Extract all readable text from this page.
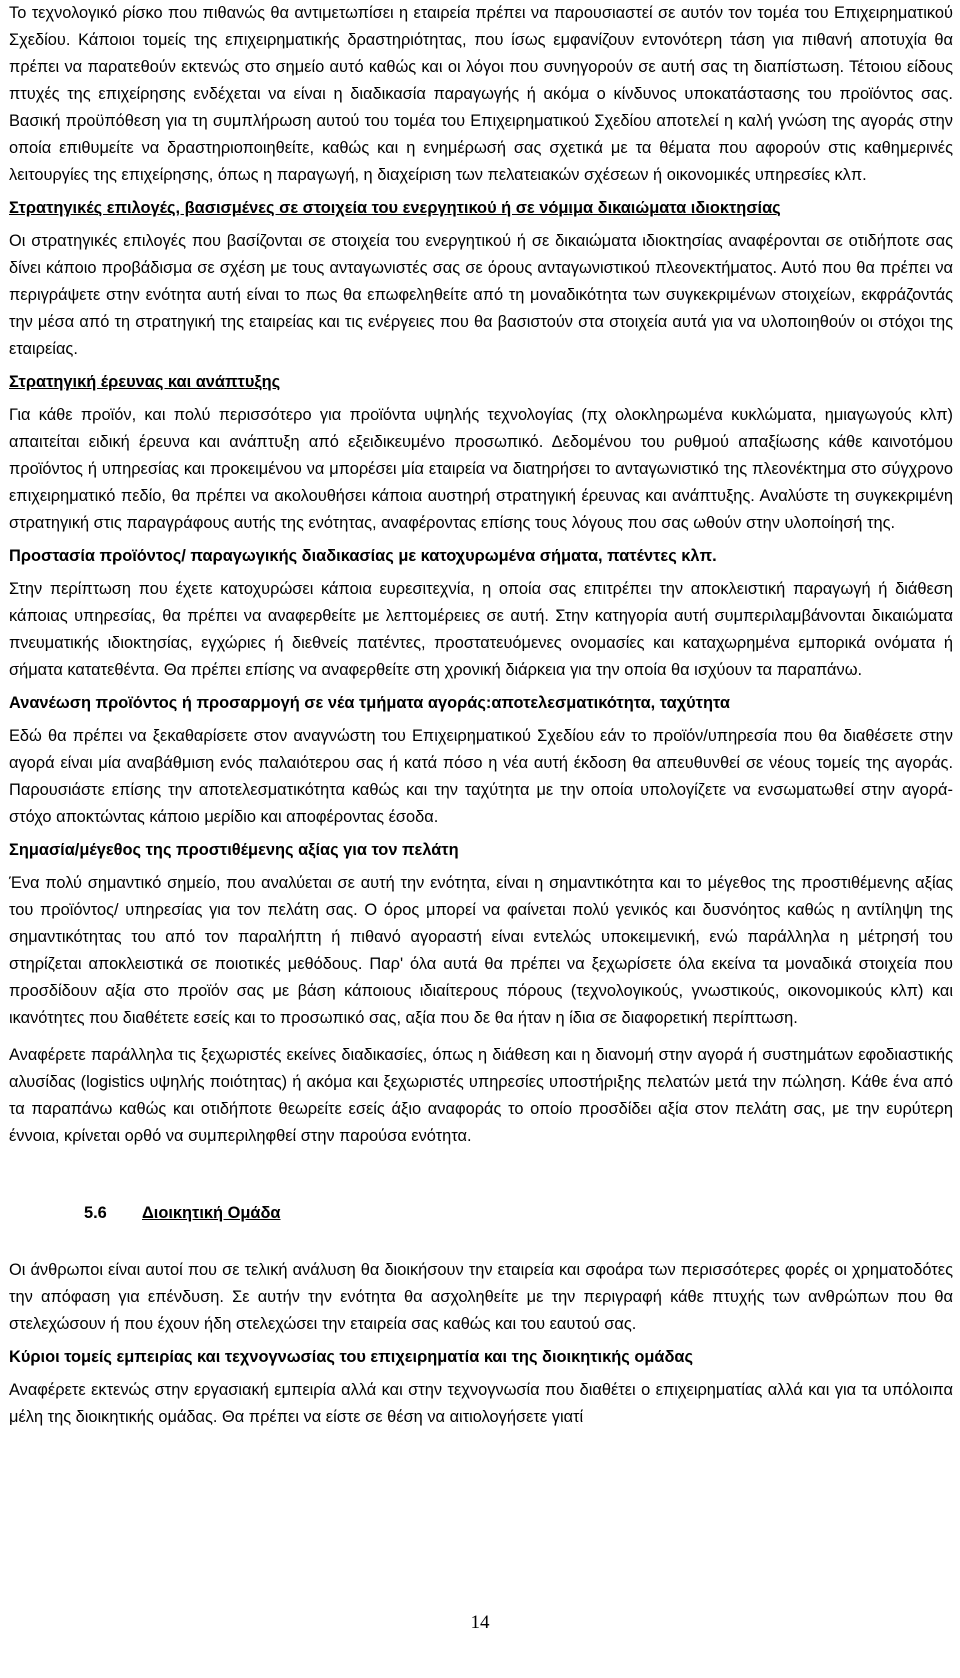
Το τεχνολογικό ρίσκο που πιθανώς θα αντιμετωπίσει η εταιρεία πρέπει να παρουσιαστεί σε αυτόν τον τομέα του Επιχειρηματικού Σχεδίου. Κάποιοι τομείς της επιχειρηματικής δραστηριότητας, που ίσως εμφανίζουν εντονότερη τάση για πιθανή αποτυχία θα πρέπει να παρατεθούν εκτενώς στο σημείο αυτό καθώς και οι λόγοι που συνηγορούν σε αυτή σας τη διαπίστωση. Τέτοιου είδους πτυχές της επιχείρησης ενδέχεται να είναι η διαδικασία παραγωγής ή ακόμα ο κίνδυνος υποκατάστασης του προϊόντος σας. Βασική προϋπόθεση για τη συμπλήρωση αυτού του τομέα του Επιχειρηματικού Σχεδίου αποτελεί η καλή γνώση της αγοράς στην οποία επιθυμείτε να δραστηριοποιηθείτε, καθώς και η ενημέρωσή σας σχετικά με τα θέματα που αφορούν στις καθημερινές λειτουργίες της επιχείρησης, όπως η παραγωγή, η διαχείριση των πελατειακών σχέσεων ή οικονομικές υπηρεσίες κλπ.

Στρατηγικές επιλογές, βασισμένες σε στοιχεία του ενεργητικού ή σε νόμιμα δικαιώματα ιδιοκτησίας

Οι στρατηγικές επιλογές που βασίζονται σε στοιχεία του ενεργητικού ή σε δικαιώματα ιδιοκτησίας αναφέρονται σε οτιδήποτε σας δίνει κάποιο προβάδισμα σε σχέση με τους ανταγωνιστές σας σε όρους ανταγωνιστικού πλεονεκτήματος. Αυτό που θα πρέπει να περιγράψετε στην ενότητα αυτή είναι το πως θα επωφεληθείτε από τη μοναδικότητα των συγκεκριμένων στοιχείων, εκφράζοντάς την μέσα από τη στρατηγική της εταιρείας και τις ενέργειες που θα βασιστούν στα στοιχεία αυτά για να υλοποιηθούν οι στόχοι της εταιρείας.

Στρατηγική έρευνας και ανάπτυξης

Για κάθε προϊόν, και πολύ περισσότερο για προϊόντα υψηλής τεχνολογίας (πχ ολοκληρωμένα κυκλώματα, ημιαγωγούς κλπ) απαιτείται ειδική έρευνα και ανάπτυξη από εξειδικευμένο προσωπικό. Δεδομένου του ρυθμού απαξίωσης κάθε καινοτόμου προϊόντος ή υπηρεσίας και προκειμένου να μπορέσει μία εταιρεία να διατηρήσει το ανταγωνιστικό της πλεονέκτημα στο σύγχρονο επιχειρηματικό πεδίο, θα πρέπει να ακολουθήσει κάποια αυστηρή στρατηγική έρευνας και ανάπτυξης. Αναλύστε τη συγκεκριμένη στρατηγική στις παραγράφους αυτής της ενότητας, αναφέροντας επίσης τους λόγους που σας ωθούν στην υλοποίησή της.

Προστασία προϊόντος/ παραγωγικής διαδικασίας με κατοχυρωμένα σήματα, πατέντες κλπ.

Στην περίπτωση που έχετε κατοχυρώσει κάποια ευρεσιτεχνία, η οποία σας επιτρέπει την αποκλειστική παραγωγή ή διάθεση κάποιας υπηρεσίας, θα πρέπει να αναφερθείτε με λεπτομέρειες σε αυτή. Στην κατηγορία αυτή συμπεριλαμβάνονται δικαιώματα πνευματικής ιδιοκτησίας, εγχώριες ή διεθνείς πατέντες, προστατευόμενες ονομασίες και καταχωρημένα εμπορικά ονόματα ή σήματα κατατεθέντα. Θα πρέπει επίσης να αναφερθείτε στη χρονική διάρκεια για την οποία θα ισχύουν τα παραπάνω.

Ανανέωση προϊόντος ή προσαρμογή σε νέα τμήματα αγοράς:αποτελεσματικότητα, ταχύτητα

Εδώ θα πρέπει να ξεκαθαρίσετε στον αναγνώστη του Επιχειρηματικού Σχεδίου εάν το προϊόν/υπηρεσία που θα διαθέσετε στην αγορά είναι μία αναβάθμιση ενός παλαιότερου σας ή κατά πόσο η νέα αυτή έκδοση θα απευθυνθεί σε νέους τομείς της αγοράς. Παρουσιάστε επίσης την αποτελεσματικότητα καθώς και την ταχύτητα με την οποία υπολογίζετε να ενσωματωθεί στην αγορά-στόχο αποκτώντας κάποιο μερίδιο και αποφέροντας έσοδα.

Σημασία/μέγεθος της προστιθέμενης αξίας για τον πελάτη

Ένα πολύ σημαντικό σημείο, που αναλύεται σε αυτή την ενότητα, είναι η σημαντικότητα και το μέγεθος της προστιθέμενης αξίας του προϊόντος/ υπηρεσίας για τον πελάτη σας. Ο όρος μπορεί να φαίνεται πολύ γενικός και δυσνόητος καθώς η αντίληψη της σημαντικότητας του από τον παραλήπτη ή πιθανό αγοραστή είναι εντελώς υποκειμενική, ενώ παράλληλα η μέτρησή του στηρίζεται αποκλειστικά σε ποιοτικές μεθόδους. Παρ' όλα αυτά θα πρέπει να ξεχωρίσετε όλα εκείνα τα μοναδικά στοιχεία που προσδίδουν αξία στο προϊόν σας με βάση κάποιους ιδιαίτερους πόρους (τεχνολογικούς, γνωστικούς, οικονομικούς κλπ) και ικανότητες που διαθέτετε εσείς και το προσωπικό σας, αξία που δε θα ήταν η ίδια σε διαφορετική περίπτωση.

Αναφέρετε παράλληλα τις ξεχωριστές εκείνες διαδικασίες, όπως η διάθεση και η διανομή στην αγορά ή συστημάτων εφοδιαστικής αλυσίδας (logistics υψηλής ποιότητας) ή ακόμα και ξεχωριστές υπηρεσίες υποστήριξης πελατών μετά την πώληση. Κάθε ένα από τα παραπάνω καθώς και οτιδήποτε θεωρείτε εσείς άξιο αναφοράς το οποίο προσδίδει αξία στον πελάτη σας, με την ευρύτερη έννοια, κρίνεται ορθό να συμπεριληφθεί στην παρούσα ενότητα.

5.6 Διοικητική Ομάδα

Οι άνθρωποι είναι αυτοί που σε τελική ανάλυση θα διοικήσουν την εταιρεία και σφοάρα των περισσότερες φορές οι χρηματοδότες την απόφαση για επένδυση. Σε αυτήν την ενότητα θα ασχοληθείτε με την περιγραφή κάθε πτυχής των ανθρώπων που θα στελεχώσουν ή που έχουν ήδη στελεχώσει την εταιρεία σας καθώς και του εαυτού σας.

Κύριοι τομείς εμπειρίας και τεχνογνωσίας του επιχειρηματία και της διοικητικής ομάδας

Αναφέρετε εκτενώς στην εργασιακή εμπειρία αλλά και στην τεχνογνωσία που διαθέτει ο επιχειρηματίας αλλά και για τα υπόλοιπα μέλη της διοικητικής ομάδας. Θα πρέπει να είστε σε θέση να αιτιολογήσετε γιατί

14
